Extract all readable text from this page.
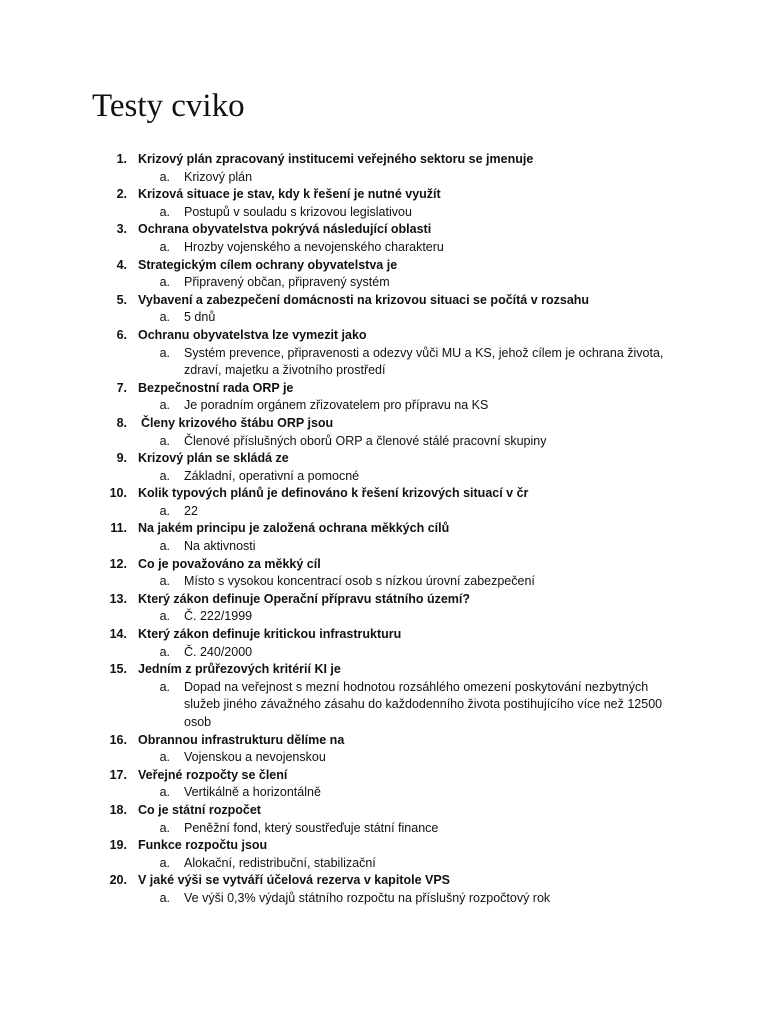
Testy cviko
1. Krizový plán zpracovaný institucemi veřejného sektoru se jmenuje
a. Krizový plán
2. Krizová situace je stav, kdy k řešení je nutné využít
a. Postupů v souladu s krizovou legislativou
3. Ochrana obyvatelstva pokrývá následující oblasti
a. Hrozby vojenského a nevojenského charakteru
4. Strategickým cílem ochrany obyvatelstva je
a. Připravený občan, připravený systém
5. Vybavení a zabezpečení domácnosti na krizovou situaci se počítá v rozsahu
a. 5 dnů
6. Ochranu obyvatelstva lze vymezit jako
a. Systém prevence, připravenosti a odezvy vůči MU a KS, jehož cílem je ochrana života, zdraví, majetku a životního prostředí
7. Bezpečnostní rada ORP je
a. Je poradním orgánem zřizovatelem pro přípravu na KS
8. Členy krizového štábu ORP jsou
a. Členové příslušných oborů ORP a členové stálé pracovní skupiny
9. Krizový plán se skládá ze
a. Základní, operativní a pomocné
10. Kolik typových plánů je definováno k řešení krizových situací v čr
a. 22
11. Na jakém principu je založená ochrana měkkých cílů
a. Na aktivnosti
12. Co je považováno za měkký cíl
a. Místo s vysokou koncentrací osob s nízkou úrovní zabezpečení
13. Který zákon definuje Operační přípravu státního území?
a. Č. 222/1999
14. Který zákon definuje kritickou infrastrukturu
a. Č. 240/2000
15. Jedním z průřezových kritérií KI je
a. Dopad na veřejnost s mezní hodnotou rozsáhlého omezení poskytování nezbytných služeb jiného závažného zásahu do každodenního života postihujícího více než 12500 osob
16. Obrannou infrastrukturu dělíme na
a. Vojenskou a nevojenskou
17. Veřejné rozpočty se člení
a. Vertikálně a horizontálně
18. Co je státní rozpočet
a. Peněžní fond, který soustřeďuje státní finance
19. Funkce rozpočtu jsou
a. Alokační, redistribuční, stabilizační
20. V jaké výši se vytváří účelová rezerva v kapitole VPS
a. Ve výši 0,3% výdajů státního rozpočtu na příslušný rozpočtový rok
